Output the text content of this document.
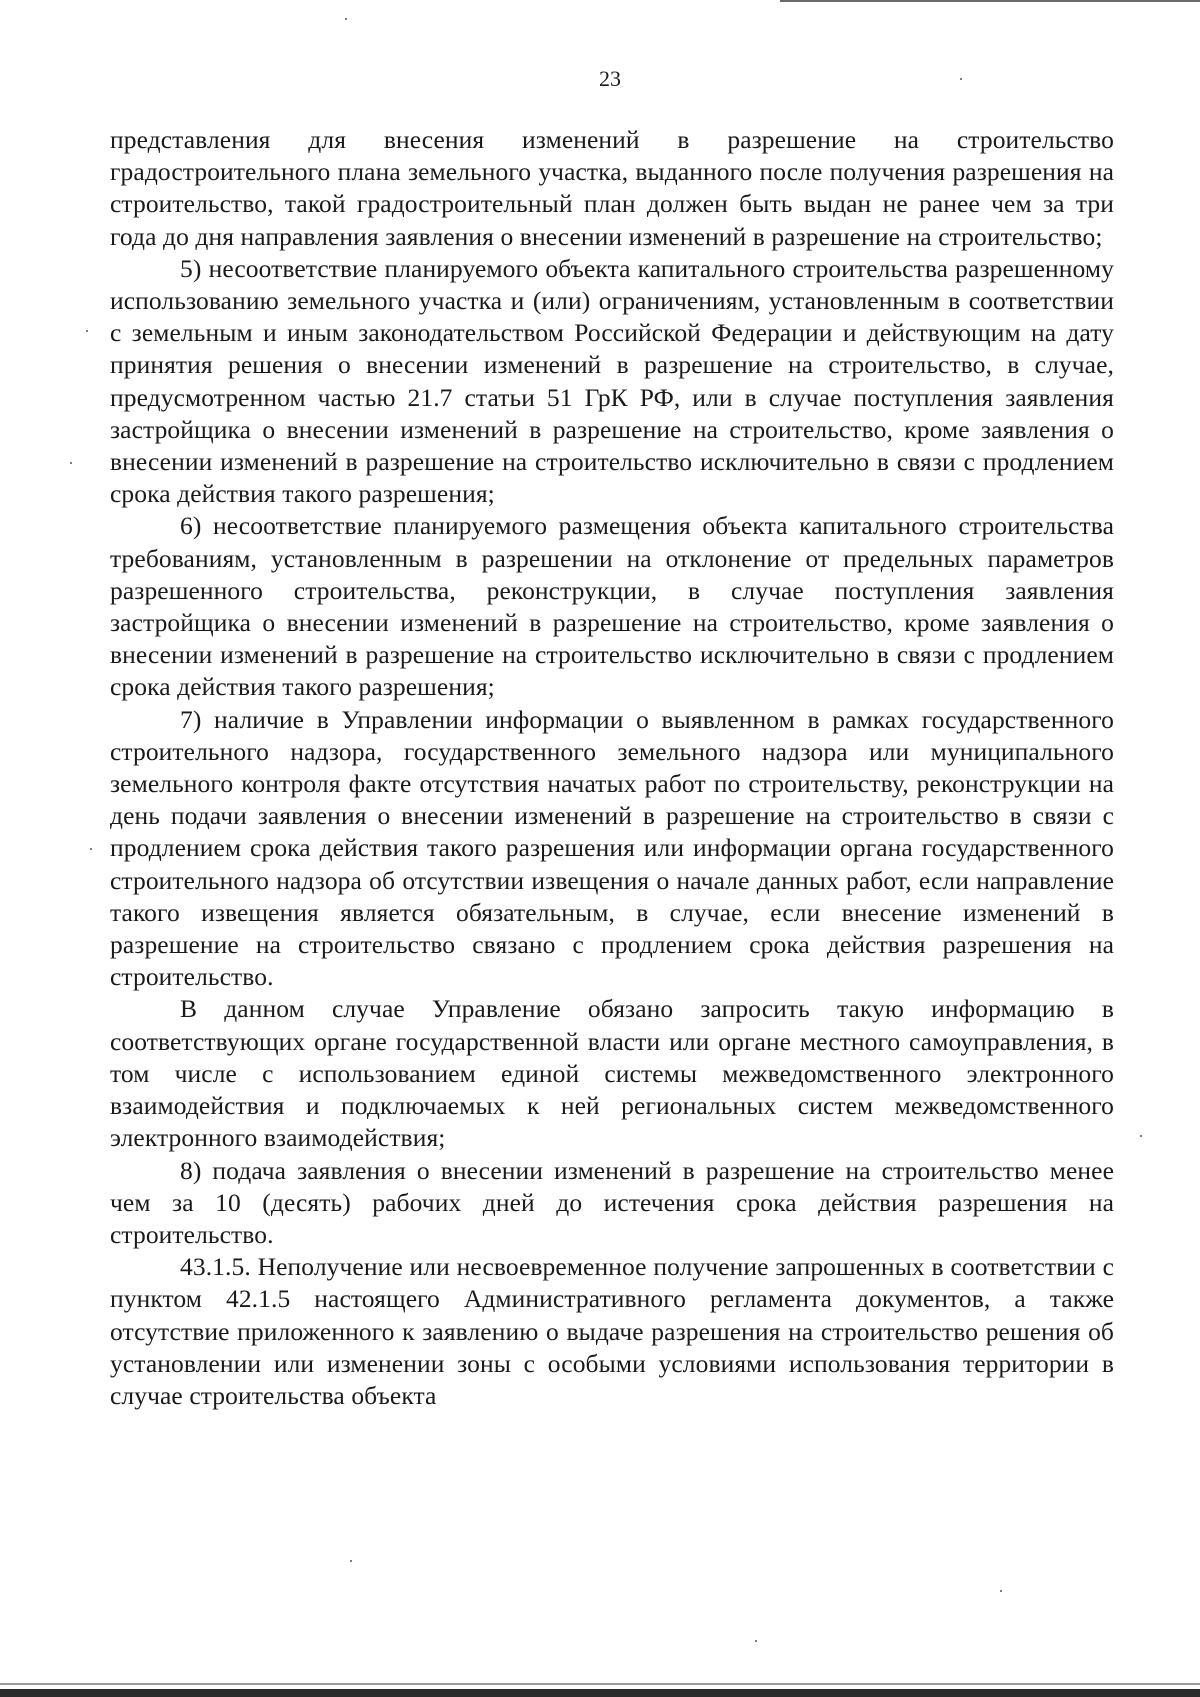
23

представления для внесения изменений в разрешение на строительство градостроительного плана земельного участка, выданного после получения разрешения на строительство, такой градостроительный план должен быть выдан не ранее чем за три года до дня направления заявления о внесении изменений в разрешение на строительство;

5) несоответствие планируемого объекта капитального строительства разрешенному использованию земельного участка и (или) ограничениям, установленным в соответствии с земельным и иным законодательством Российской Федерации и действующим на дату принятия решения о внесении изменений в разрешение на строительство, в случае, предусмотренном частью 21.7 статьи 51 ГрК РФ, или в случае поступления заявления застройщика о внесении изменений в разрешение на строительство, кроме заявления о внесении изменений в разрешение на строительство исключительно в связи с продлением срока действия такого разрешения;

6) несоответствие планируемого размещения объекта капитального строительства требованиям, установленным в разрешении на отклонение от предельных параметров разрешенного строительства, реконструкции, в случае поступления заявления застройщика о внесении изменений в разрешение на строительство, кроме заявления о внесении изменений в разрешение на строительство исключительно в связи с продлением срока действия такого разрешения;

7) наличие в Управлении информации о выявленном в рамках государственного строительного надзора, государственного земельного надзора или муниципального земельного контроля факте отсутствия начатых работ по строительству, реконструкции на день подачи заявления о внесении изменений в разрешение на строительство в связи с продлением срока действия такого разрешения или информации органа государственного строительного надзора об отсутствии извещения о начале данных работ, если направление такого извещения является обязательным, в случае, если внесение изменений в разрешение на строительство связано с продлением срока действия разрешения на строительство.

В данном случае Управление обязано запросить такую информацию в соответствующих органе государственной власти или органе местного самоуправления, в том числе с использованием единой системы межведомственного электронного взаимодействия и подключаемых к ней региональных систем межведомственного электронного взаимодействия;

8) подача заявления о внесении изменений в разрешение на строительство менее чем за 10 (десять) рабочих дней до истечения срока действия разрешения на строительство.

43.1.5. Неполучение или несвоевременное получение запрошенных в соответствии с пунктом 42.1.5 настоящего Административного регламента документов, а также отсутствие приложенного к заявлению о выдаче разрешения на строительство решения об установлении или изменении зоны с особыми условиями использования территории в случае строительства объекта
